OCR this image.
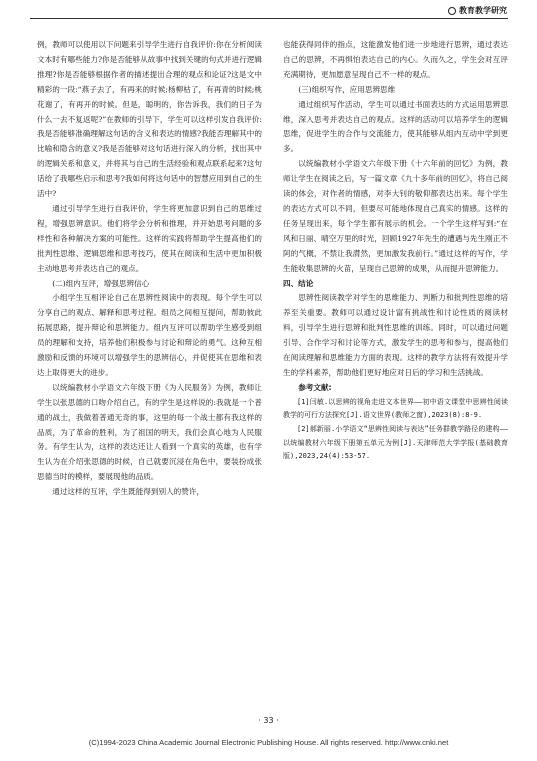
教育教学研究

例，教师可以使用以下问题来引导学生进行自我评价:你在分析阅读文本时有哪些能力?你是否能够从故事中找到关键的句式并进行逻辑推理?你是否能够根据作者的描述提出合理的观点和论证?这是文中精彩的一段:“燕子去了，有再来的时候;杨柳枯了，有再青的时候;桃花谢了，有再开的时候。但是，聪明的，你告诉我，我们的日子为什么一去不复返呢?”在教师的引导下，学生可以这样引发自我评价:我是否能够准确理解这句话的含义和表达的情感?我能否理解其中的比喻和隐含的意义?我是否能够对这句话进行深入的分析，找出其中的逻辑关系和意义，并将其与自己的生活经验和观点联系起来?这句话给了我哪些启示和思考?我如何将这句话中的智慧应用到自己的生活中?

通过引导学生进行自我评价，学生将更加意识到自己的思维过程，增强思辨意识。他们将学会分析和推理，并开始思考问题的多样性和各种解决方案的可能性。这样的实践将帮助学生提高他们的批判性思维、逻辑思维和思考技巧，使其在阅读和生活中更加积极主动地思考并表达自己的观点。

(二)组内互评，增强思辨信心

小组学生互相评论自己在思辨性阅读中的表现。每个学生可以分享自己的观点、解释和思考过程。组员之间相互提问，帮助彼此拓展思路，提升辩论和思辨能力。组内互评可以帮助学生感受到组员的理解和支持，培养他们积极参与讨论和辩论的勇气。这种互相激励和反馈的环境可以增强学生的思辨信心，并促使其在思维和表达上取得更大的进步。

以统编教材小学语文六年级下册《为人民服务》为例，教师让学生以张思德的口吻介绍自己，有的学生是这样说的:我就是一个普通的战士，我做着普通无奇的事，这里的每一个战士都有我这样的品质，为了革命的胜利，为了祖国的明天，我们会真心地为人民服务。有学生认为，这样的表达还让人看到一个真实的英雄，也有学生认为在介绍张思德的时候，自己就要沉浸在角色中，要装扮成张思德当时的模样，要展现他的品质。

通过这样的互评，学生既能得到别人的赞许，

也能获得同伴的指点，这能激发他们进一步地进行思辨，通过表达自己的思辨，不再惧怕表达自己的内心。久而久之，学生会对互评充满期待，更加愿意呈现自己不一样的观点。

(三)组织写作，应用思辨思维

通过组织写作活动，学生可以通过书面表达的方式运用思辨思维，深入思考并表达自己的观点。这样的活动可以培养学生的逻辑思维，促进学生的合作与交流能力，使其能够从组内互动中学到更多。

以统编教材小学语文六年级下册《十六年前的回忆》为例，教师让学生在阅读之后，写一篇文章《九十多年前的回忆》，将自己阅读的体会，对作者的情感，对李大钊的敬仰都表达出来。每个学生的表达方式可以不同，但要尽可能地体现自己真实的情感。这样的任务呈现出来，每个学生都有展示的机会。一个学生这样写到:“在风和日丽、晴空万里的时光，回顾1927年先生的遭遇与先生刚正不阿的气概，不禁让我潸然，更加激发我前行。”通过这样的写作，学生能收集思辨的火苗，呈现自己思辨的成果，从而提升思辨能力。

四、结论

思辨性阅读教学对学生的思维能力、判断力和批判性思维的培养至关重要。教师可以通过设计富有挑战性和讨论性质的阅读材料，引导学生进行思辨和批判性思维的训练。同时，可以通过问题引导、合作学习和讨论等方式，激发学生的思考和参与，提高他们在阅读理解和思维能力方面的表现。这样的教学方法将有效提升学生的学科素养，帮助他们更好地应对日后的学习和生活挑战。

参考文献:

[1]闫敏.以思辨的视角走进文本世界——初中语文课堂中思辨性阅读教学的可行方法探究[J].语文世界(教师之窗),2023(8):8-9.

[2]郝新丽.小学语文“思辨性阅读与表达”任务群教学路径的建构——以统编教材六年级下册第五单元为例[J].天津师范大学学报(基础教育版),2023,24(4):53-57.

· 33 ·
(C)1994-2023 China Academic Journal Electronic Publishing House. All rights reserved. http://www.cnki.net
